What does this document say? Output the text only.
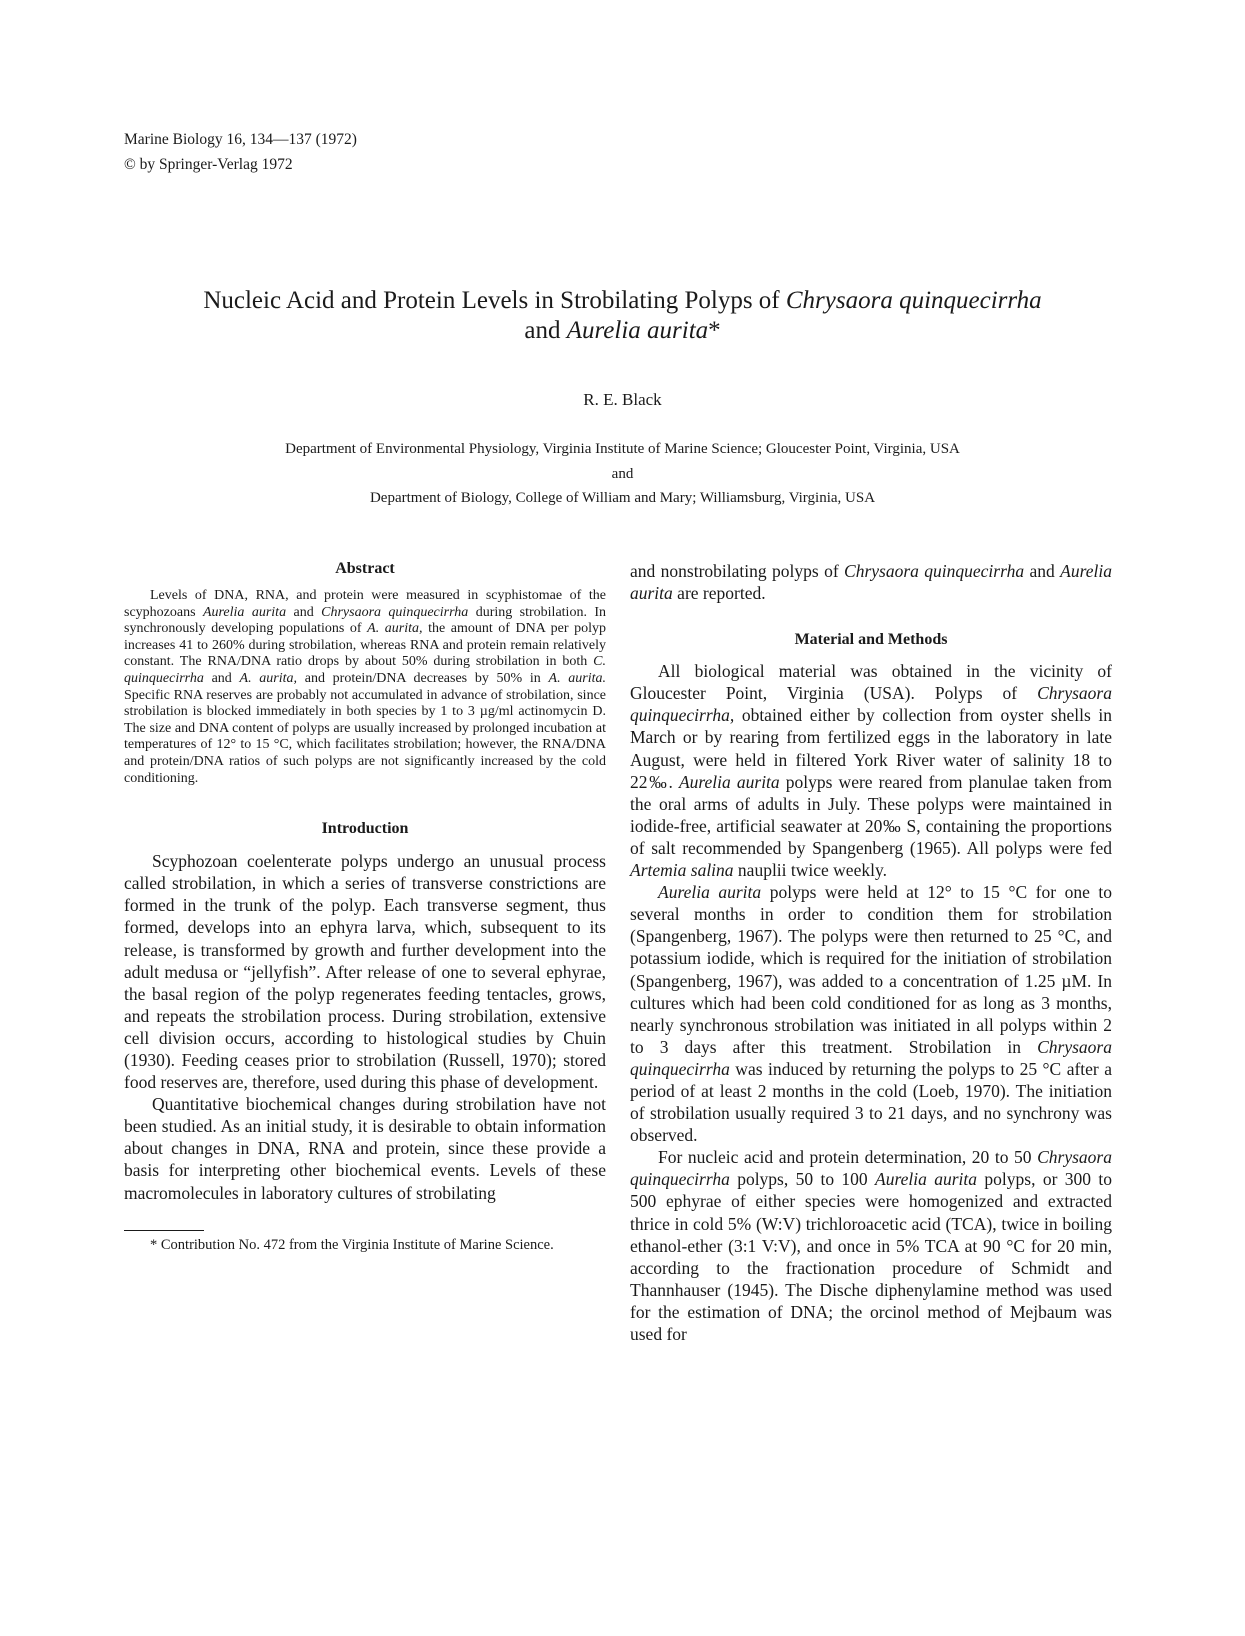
Marine Biology 16, 134—137 (1972)
© by Springer-Verlag 1972
Nucleic Acid and Protein Levels in Strobilating Polyps of Chrysaora quinquecirrha
and Aurelia aurita*
R. E. Black
Department of Environmental Physiology, Virginia Institute of Marine Science; Gloucester Point, Virginia, USA
and
Department of Biology, College of William and Mary; Williamsburg, Virginia, USA
Abstract

Levels of DNA, RNA, and protein were measured in scyphistomae of the scyphozoans Aurelia aurita and Chrysaora quinquecirrha during strobilation. In synchronously developing populations of A. aurita, the amount of DNA per polyp increases 41 to 260% during strobilation, whereas RNA and protein remain relatively constant. The RNA/DNA ratio drops by about 50% during strobilation in both C. quinquecirrha and A. aurita, and protein/DNA decreases by 50% in A. aurita. Specific RNA reserves are probably not accumulated in advance of strobilation, since strobilation is blocked immediately in both species by 1 to 3 µg/ml actinomycin D. The size and DNA content of polyps are usually increased by prolonged incubation at temperatures of 12° to 15 °C, which facilitates strobilation; however, the RNA/DNA and protein/DNA ratios of such polyps are not significantly increased by the cold conditioning.

Introduction

Scyphozoan coelenterate polyps undergo an unusual process called strobilation, in which a series of transverse constrictions are formed in the trunk of the polyp. Each transverse segment, thus formed, develops into an ephyra larva, which, subsequent to its release, is transformed by growth and further development into the adult medusa or “jellyfish”. After release of one to several ephyrae, the basal region of the polyp regenerates feeding tentacles, grows, and repeats the strobilation process. During strobilation, extensive cell division occurs, according to histological studies by Chuin (1930). Feeding ceases prior to strobilation (Russell, 1970); stored food reserves are, therefore, used during this phase of development.

Quantitative biochemical changes during strobilation have not been studied. As an initial study, it is desirable to obtain information about changes in DNA, RNA and protein, since these provide a basis for interpreting other biochemical events. Levels of these macromolecules in laboratory cultures of strobilating

* Contribution No. 472 from the Virginia Institute of Marine Science.

and nonstrobilating polyps of Chrysaora quinquecirrha and Aurelia aurita are reported.

Material and Methods

All biological material was obtained in the vicinity of Gloucester Point, Virginia (USA). Polyps of Chrysaora quinquecirrha, obtained either by collection from oyster shells in March or by rearing from fertilized eggs in the laboratory in late August, were held in filtered York River water of salinity 18 to 22‰. Aurelia aurita polyps were reared from planulae taken from the oral arms of adults in July. These polyps were maintained in iodide-free, artificial seawater at 20‰ S, containing the proportions of salt recommended by Spangenberg (1965). All polyps were fed Artemia salina nauplii twice weekly.

Aurelia aurita polyps were held at 12° to 15 °C for one to several months in order to condition them for strobilation (Spangenberg, 1967). The polyps were then returned to 25 °C, and potassium iodide, which is required for the initiation of strobilation (Spangenberg, 1967), was added to a concentration of 1.25 µM. In cultures which had been cold conditioned for as long as 3 months, nearly synchronous strobilation was initiated in all polyps within 2 to 3 days after this treatment. Strobilation in Chrysaora quinquecirrha was induced by returning the polyps to 25 °C after a period of at least 2 months in the cold (Loeb, 1970). The initiation of strobilation usually required 3 to 21 days, and no synchrony was observed.

For nucleic acid and protein determination, 20 to 50 Chrysaora quinquecirrha polyps, 50 to 100 Aurelia aurita polyps, or 300 to 500 ephyrae of either species were homogenized and extracted thrice in cold 5% (W:V) trichloroacetic acid (TCA), twice in boiling ethanol-ether (3:1 V:V), and once in 5% TCA at 90 °C for 20 min, according to the fractionation procedure of Schmidt and Thannhauser (1945). The Dische diphenylamine method was used for the estimation of DNA; the orcinol method of Mejbaum was used for
